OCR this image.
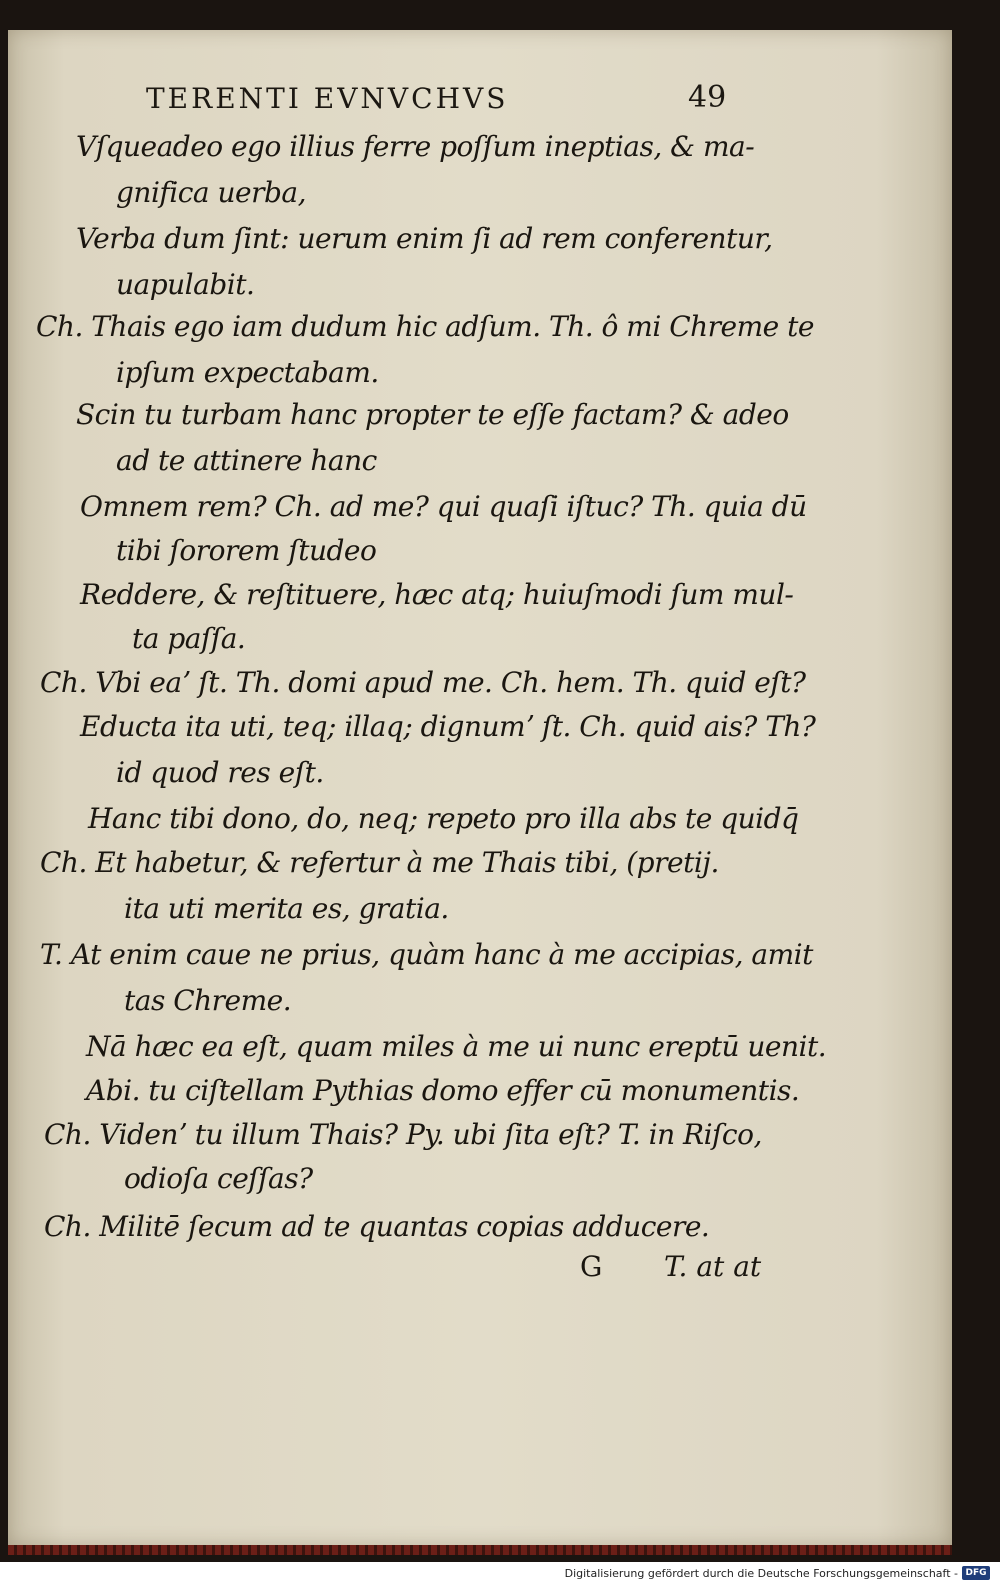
TERENTI EVNVCHVS	49
Vſqueadeo ego illius ferre poſſum ineptias, & ma-
gnifica uerba,
Verba dum ſint: uerum enim ſi ad rem conferentur,
uapulabit.
Ch. Thais ego iam dudum hic adſum. Th. ô mi Chreme te
ipſum expectabam.
Scin tu turbam hanc propter te eſſe factam? & adeo
ad te attinere hanc
Omnem rem? Ch. ad me? qui quaſi iſtuc? Th. quia dū
tibi ſororem ſtudeo
Reddere, & reſtituere, hæc atq; huiuſmodi ſum mul-
ta paſſa.
Ch. Vbi eaʼ ſt. Th. domi apud me. Ch. hem. Th. quid eſt?
Educta ita uti, teq; illaq; dignumʼ ſt. Ch. quid ais? Th?
id quod res eſt.
Hanc tibi dono, do, neq; repeto pro illa abs te quidq̄
Ch. Et habetur, & refertur à me Thais tibi, (pretij.
ita uti merita es, gratia.
T. At enim caue ne prius, quàm hanc à me accipias, amit
tas Chreme.
Nā hæc ea eſt, quam miles à me ui nunc ereptū uenit.
Abi. tu ciſtellam Pythias domo effer cū monumentis.
Ch. Videnʼ tu illum Thais? Py. ubi ſita eſt? T. in Riſco,
odioſa ceſſas?
Ch. Militē ſecum ad te quantas copias adducere.
G T. at at
Digitalisierung gefördert durch die Deutsche Forschungsgemeinschaft - DFG
